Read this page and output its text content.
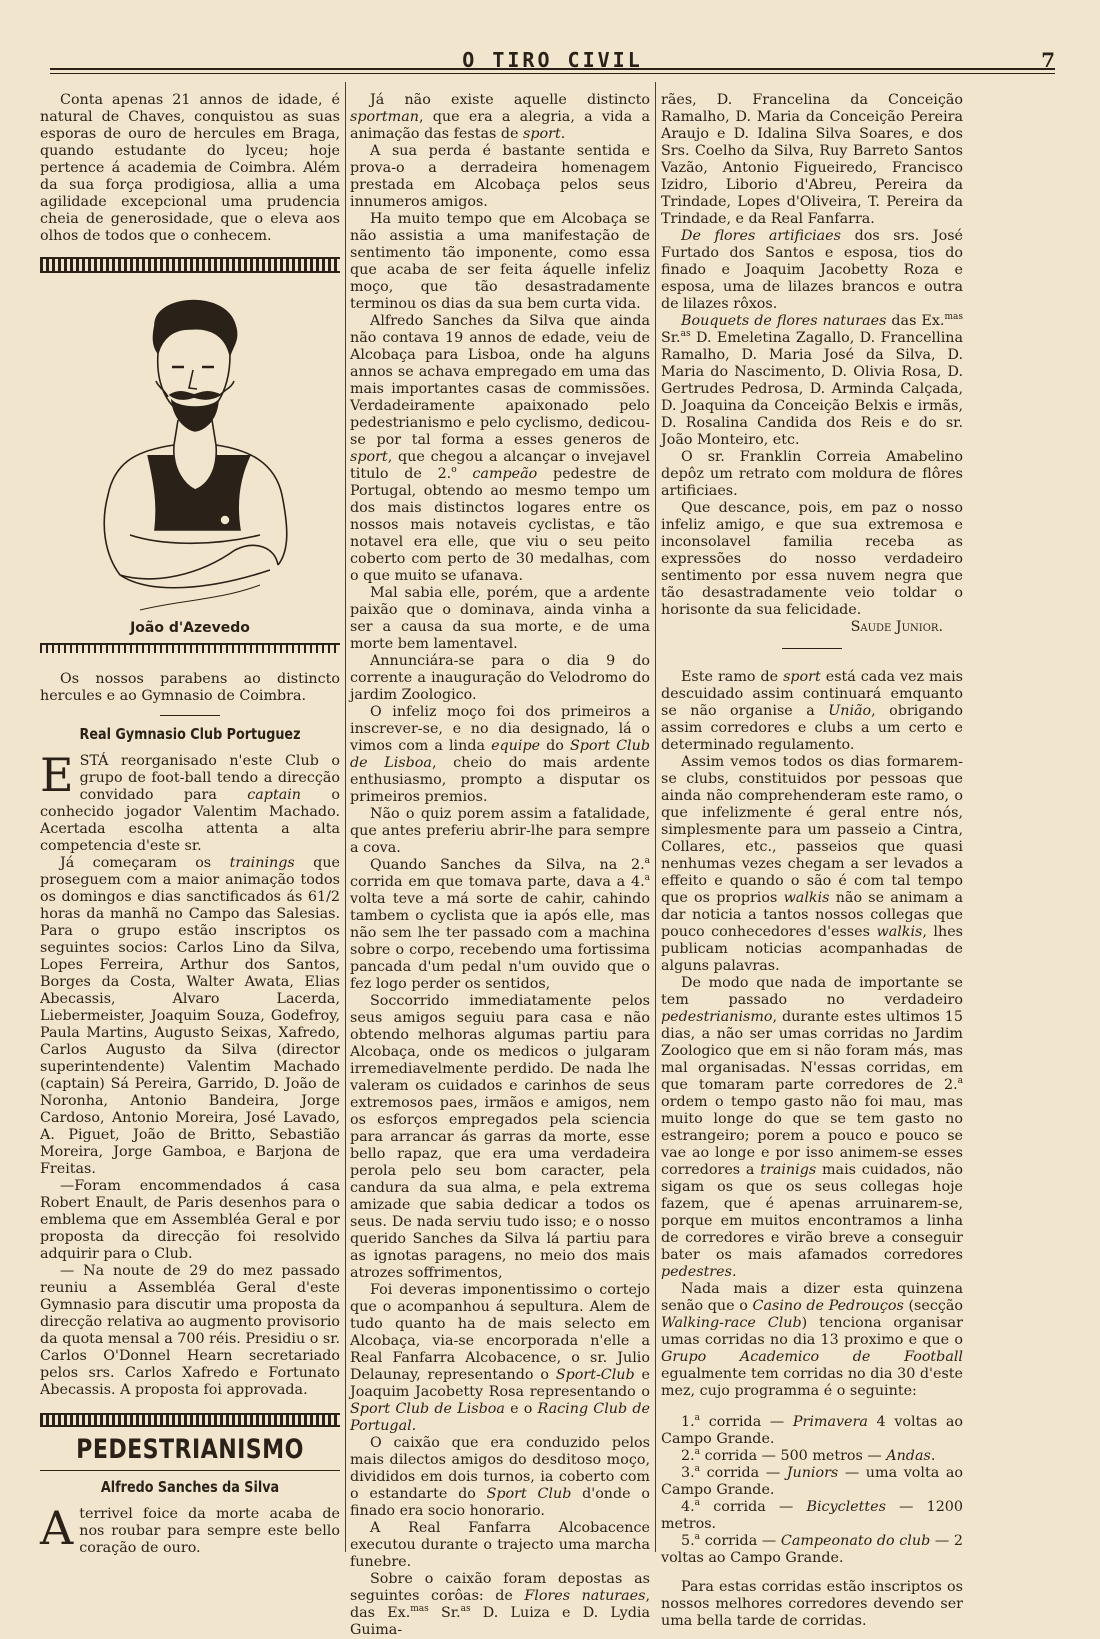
O TIRO CIVIL	7

Conta apenas 21 annos de idade, é natural de Chaves, conquistou as suas esporas de ouro de hercules em Braga, quando estudante do lyceu; hoje pertence á academia de Coimbra. Além da sua força prodigiosa, allia a uma agilidade excepcional uma prudencia cheia de generosidade, que o eleva aos olhos de todos que o conhecem.

João d'Azevedo

Os nossos parabens ao distincto hercules e ao Gymnasio de Coimbra.

Real Gymnasio Club Portuguez

ESTÁ reorganisado n'este Club o grupo de foot-ball tendo a direcção convidado para captain o conhecido jogador Valentim Machado. Acertada escolha attenta a alta competencia d'este sr.

Já começaram os trainings que proseguem com a maior animação todos os domingos e dias sanctificados ás 61/2 horas da manhã no Campo das Salesias. Para o grupo estão inscriptos os seguintes socios: Carlos Lino da Silva, Lopes Ferreira, Arthur dos Santos, Borges da Costa, Walter Awata, Elias Abecassis, Alvaro Lacerda, Liebermeister, Joaquim Souza, Godefroy, Paula Martins, Augusto Seixas, Xafredo, Carlos Augusto da Silva (director superintendente) Valentim Machado (captain) Sá Pereira, Garrido, D. João de Noronha, Antonio Bandeira, Jorge Cardoso, Antonio Moreira, José Lavado, A. Piguet, João de Britto, Sebastião Moreira, Jorge Gamboa, e Barjona de Freitas.

—Foram encommendados á casa Robert Enault, de Paris desenhos para o emblema que em Assembléa Geral e por proposta da direcção foi resolvido adquirir para o Club.

— Na noute de 29 do mez passado reuniu a Assembléa Geral d'este Gymnasio para discutir uma proposta da direcção relativa ao augmento provisorio da quota mensal a 700 réis. Presidiu o sr. Carlos O'Donnel Hearn secretariado pelos srs. Carlos Xafredo e Fortunato Abecassis. A proposta foi approvada.

PEDESTRIANISMO
Alfredo Sanches da Silva

Aterrivel foice da morte acaba de nos roubar para sempre este bello coração de ouro.

Já não existe aquelle distincto sportman, que era a alegria, a vida a animação das festas de sport.

A sua perda é bastante sentida e prova-o a derradeira homenagem prestada em Alcobaça pelos seus innumeros amigos.

Ha muito tempo que em Alcobaça se não assistia a uma manifestação de sentimento tão imponente, como essa que acaba de ser feita áquelle infeliz moço, que tão desastradamente terminou os dias da sua bem curta vida.

Alfredo Sanches da Silva que ainda não contava 19 annos de edade, veiu de Alcobaça para Lisboa, onde ha alguns annos se achava empregado em uma das mais importantes casas de commissões. Verdadeiramente apaixonado pelo pedestrianismo e pelo cyclismo, dedicou-se por tal forma a esses generos de sport, que chegou a alcançar o invejavel titulo de 2.$^o$ campeão pedestre de Portugal, obtendo ao mesmo tempo um dos mais distinctos logares entre os nossos mais notaveis cyclistas, e tão notavel era elle, que viu o seu peito coberto com perto de 30 medalhas, com o que muito se ufanava.

Mal sabia elle, porém, que a ardente paixão que o dominava, ainda vinha a ser a causa da sua morte, e de uma morte bem lamentavel.

Annunciára-se para o dia 9 do corrente a inauguração do Velodromo do jardim Zoologico.

O infeliz moço foi dos primeiros a inscrever-se, e no dia designado, lá o vimos com a linda equipe do Sport Club de Lisboa, cheio do mais ardente enthusiasmo, prompto a disputar os primeiros premios.

Não o quiz porem assim a fatalidade, que antes preferiu abrir-lhe para sempre a cova.

Quando Sanches da Silva, na 2.$^a$ corrida em que tomava parte, dava a 4.$^a$ volta teve a má sorte de cahir, cahindo tambem o cyclista que ia após elle, mas não sem lhe ter passado com a machina sobre o corpo, recebendo uma fortissima pancada d'um pedal n'um ouvido que o fez logo perder os sentidos,

Soccorrido immediatamente pelos seus amigos seguiu para casa e não obtendo melhoras algumas partiu para Alcobaça, onde os medicos o julgaram irremediavelmente perdido. De nada lhe valeram os cuidados e carinhos de seus extremosos paes, irmãos e amigos, nem os esforços empregados pela sciencia para arrancar ás garras da morte, esse bello rapaz, que era uma verdadeira perola pelo seu bom caracter, pela candura da sua alma, e pela extrema amizade que sabia dedicar a todos os seus. De nada serviu tudo isso; e o nosso querido Sanches da Silva lá partiu para as ignotas paragens, no meio dos mais atrozes soffrimentos,

Foi deveras imponentissimo o cortejo que o acompanhou á sepultura. Alem de tudo quanto ha de mais selecto em Alcobaça, via-se encorporada n'elle a Real Fanfarra Alcobacence, o sr. Julio Delaunay, representando o Sport-Club e Joaquim Jacobetty Rosa representando o Sport Club de Lisboa e o Racing Club de Portugal.

O caixão que era conduzido pelos mais dilectos amigos do desditoso moço, divididos em dois turnos, ia coberto com o estandarte do Sport Club d'onde o finado era socio honorario.

A Real Fanfarra Alcobacence executou durante o trajecto uma marcha funebre.

Sobre o caixão foram depostas as seguintes corôas: de Flores naturaes, das Ex.$^{mas}$ Sr.$^{as}$ D. Luiza e D. Lydia Guima-

rães, D. Francelina da Conceição Ramalho, D. Maria da Conceição Pereira Araujo e D. Idalina Silva Soares, e dos Srs. Coelho da Silva, Ruy Barreto Santos Vazão, Antonio Figueiredo, Francisco Izidro, Liborio d'Abreu, Pereira da Trindade, Lopes d'Oliveira, T. Pereira da Trindade, e da Real Fanfarra.

De flores artificiaes dos srs. José Furtado dos Santos e esposa, tios do finado e Joaquim Jacobetty Roza e esposa, uma de lilazes brancos e outra de lilazes rôxos.

Bouquets de flores naturaes das Ex.$^{mas}$ Sr.$^{as}$ D. Emeletina Zagallo, D. Francellina Ramalho, D. Maria José da Silva, D. Maria do Nascimento, D. Olivia Rosa, D. Gertrudes Pedrosa, D. Arminda Calçada, D. Joaquina da Conceição Belxis e irmãs, D. Rosalina Candida dos Reis e do sr. João Monteiro, etc.

O sr. Franklin Correia Amabelino depôz um retrato com moldura de flôres artificiaes.

Que descance, pois, em paz o nosso infeliz amigo, e que sua extremosa e inconsolavel familia receba as expressões do nosso verdadeiro sentimento por essa nuvem negra que tão desastradamente veio toldar o horisonte da sua felicidade.

Saude Junior.

Este ramo de sport está cada vez mais descuidado assim continuará emquanto se não organise a União, obrigando assim corredores e clubs a um certo e determinado regulamento.

Assim vemos todos os dias formarem-se clubs, constituidos por pessoas que ainda não comprehenderam este ramo, o que infelizmente é geral entre nós, simplesmente para um passeio a Cintra, Collares, etc., passeios que quasi nenhumas vezes chegam a ser levados a effeito e quando o são é com tal tempo que os proprios walkis não se animam a dar noticia a tantos nossos collegas que pouco conhecedores d'esses walkis, lhes publicam noticias acompanhadas de alguns palavras.

De modo que nada de importante se tem passado no verdadeiro pedestrianismo, durante estes ultimos 15 dias, a não ser umas corridas no Jardim Zoologico que em si não foram más, mas mal organisadas. N'essas corridas, em que tomaram parte corredores de 2.$^a$ ordem o tempo gasto não foi mau, mas muito longe do que se tem gasto no estrangeiro; porem a pouco e pouco se vae ao longe e por isso animem-se esses corredores a trainigs mais cuidados, não sigam os que os seus collegas hoje fazem, que é apenas arruinarem-se, porque em muitos encontramos a linha de corredores e virão breve a conseguir bater os mais afamados corredores pedestres.

Nada mais a dizer esta quinzena senão que o Casino de Pedrouços (secção Walking-race Club) tenciona organisar umas corridas no dia 13 proximo e que o Grupo Academico de Football egualmente tem corridas no dia 30 d'este mez, cujo programma é o seguinte:

1.$^a$ corrida — Primavera 4 voltas ao Campo Grande.

2.$^a$ corrida — 500 metros — Andas.

3.$^a$ corrida — Juniors — uma volta ao Campo Grande.

4.$^a$ corrida — Bicyclettes — 1200 metros.

5.$^a$ corrida — Campeonato do club — 2 voltas ao Campo Grande.

Para estas corridas estão inscriptos os nossos melhores corredores devendo ser uma bella tarde de corridas.
